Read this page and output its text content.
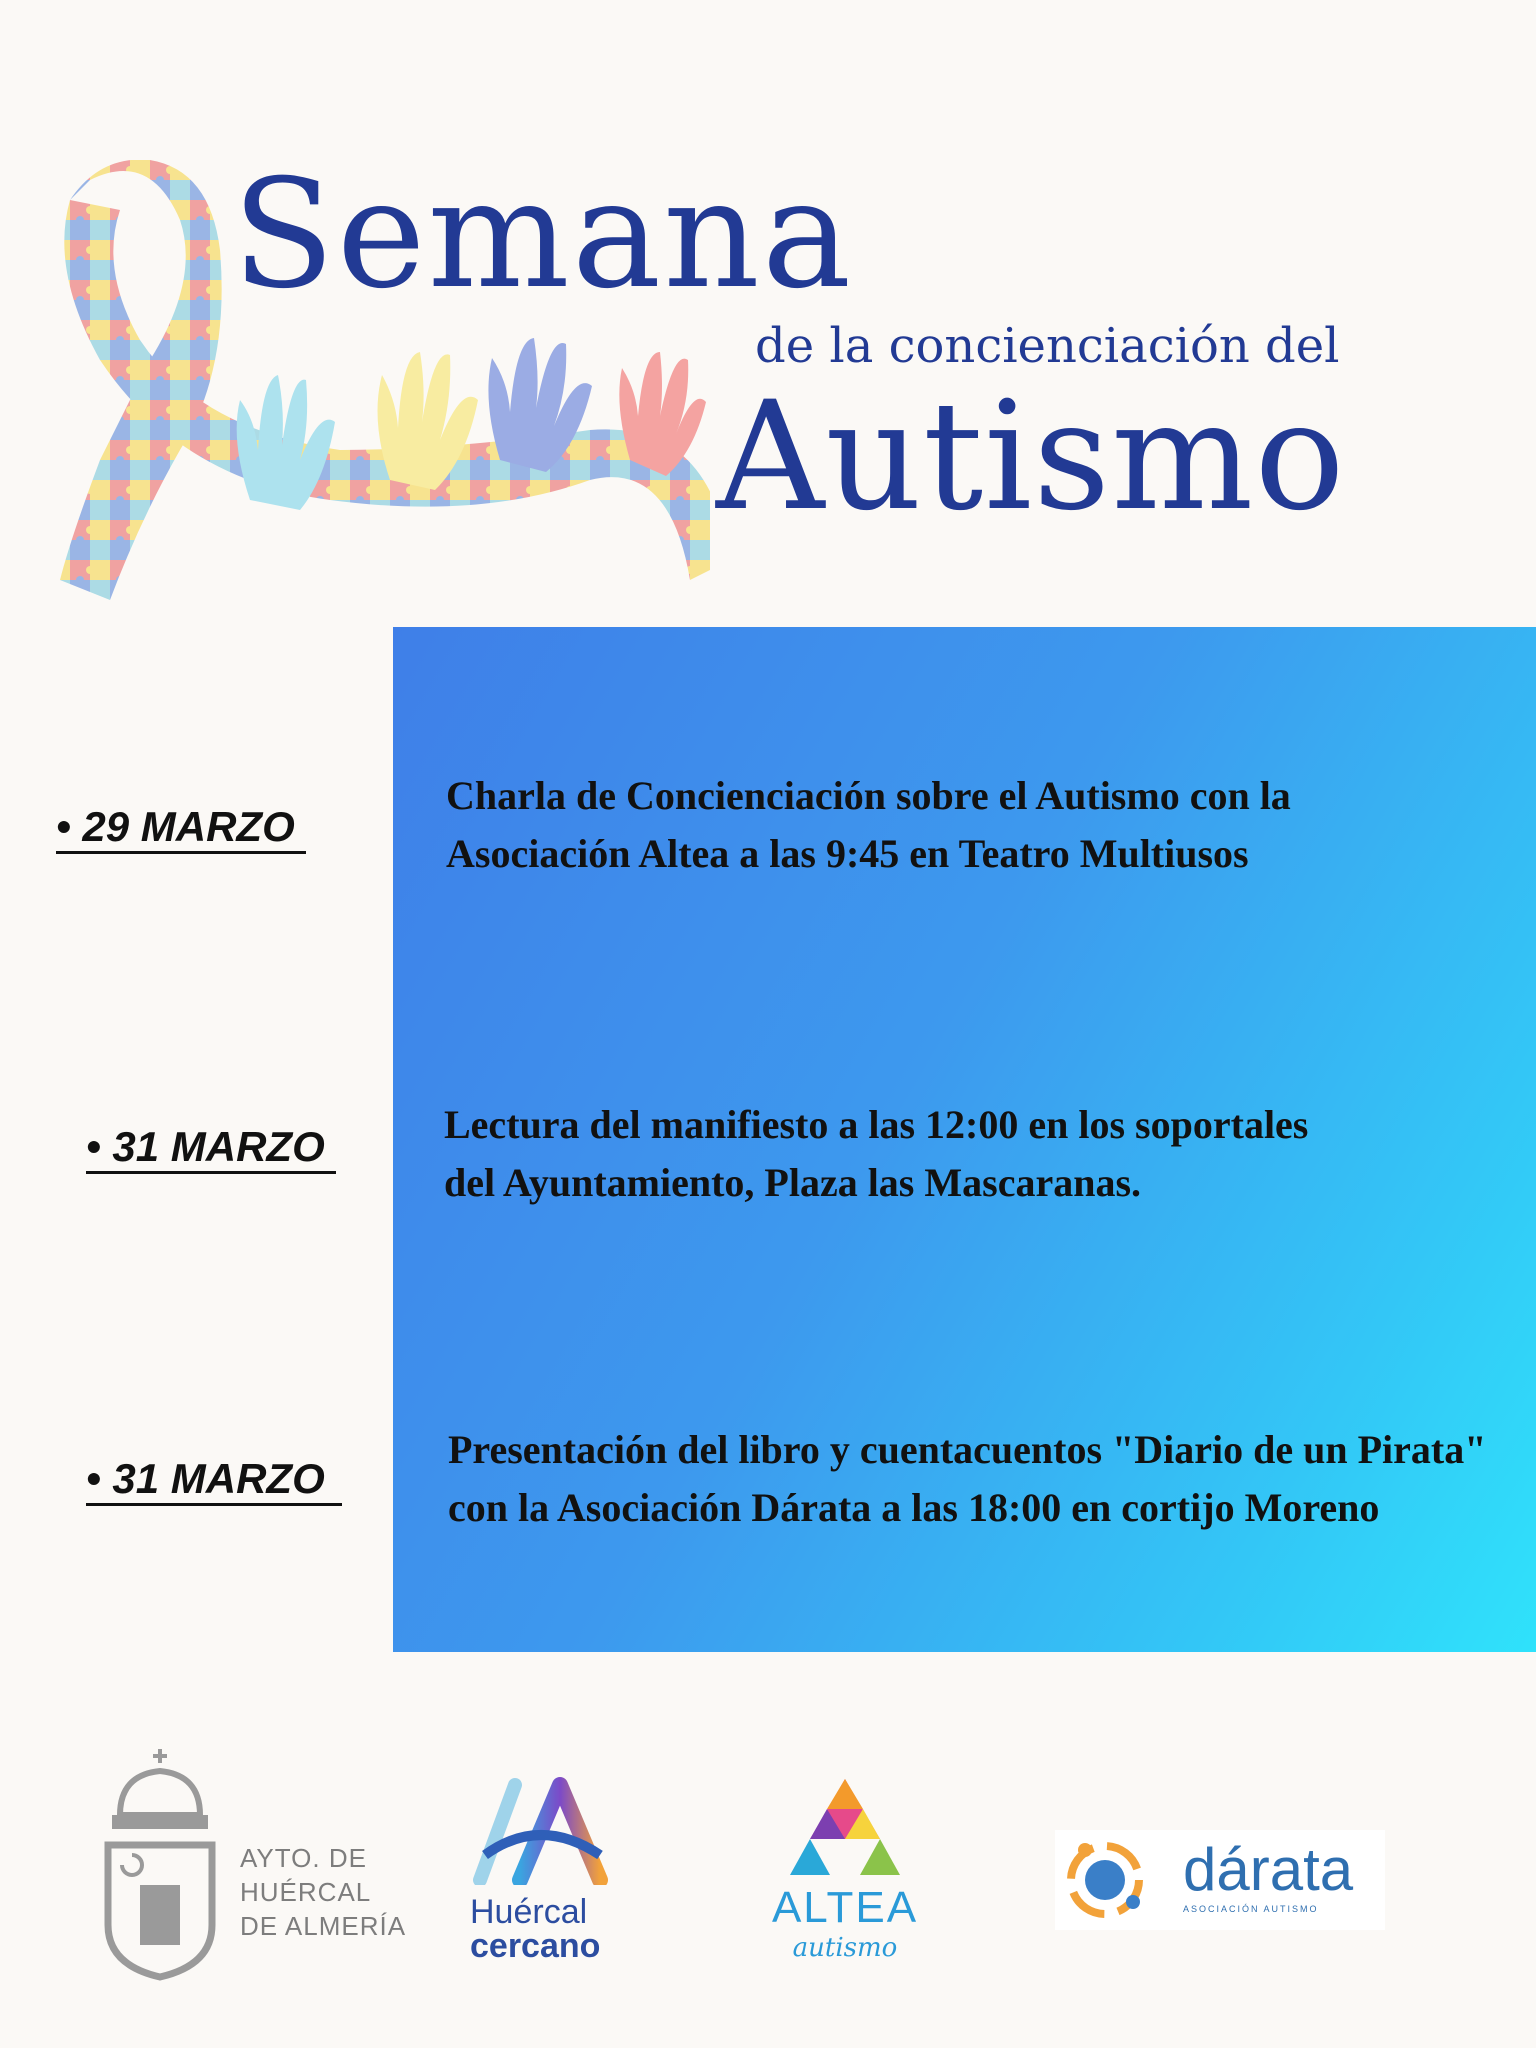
Semana
de la concienciación del
Autismo
• 29 MARZO
Charla de Concienciación sobre el Autismo con la
Asociación Altea a las 9:45 en Teatro Multiusos
• 31 MARZO	Lectura del manifiesto a las 12:00 en los soportales
del Ayuntamiento, Plaza las Mascaranas.
• 31 MARZO
Presentación del libro y cuentacuentos "Diario de un Pirata"
con la Asociación Dárata a las 18:00 en cortijo Moreno
AYTO. DE
HUÉRCAL
DE ALMERÍA Huércal
cercano
ALTEA
autismo
dárata
ASOCIACIÓN AUTISMO
